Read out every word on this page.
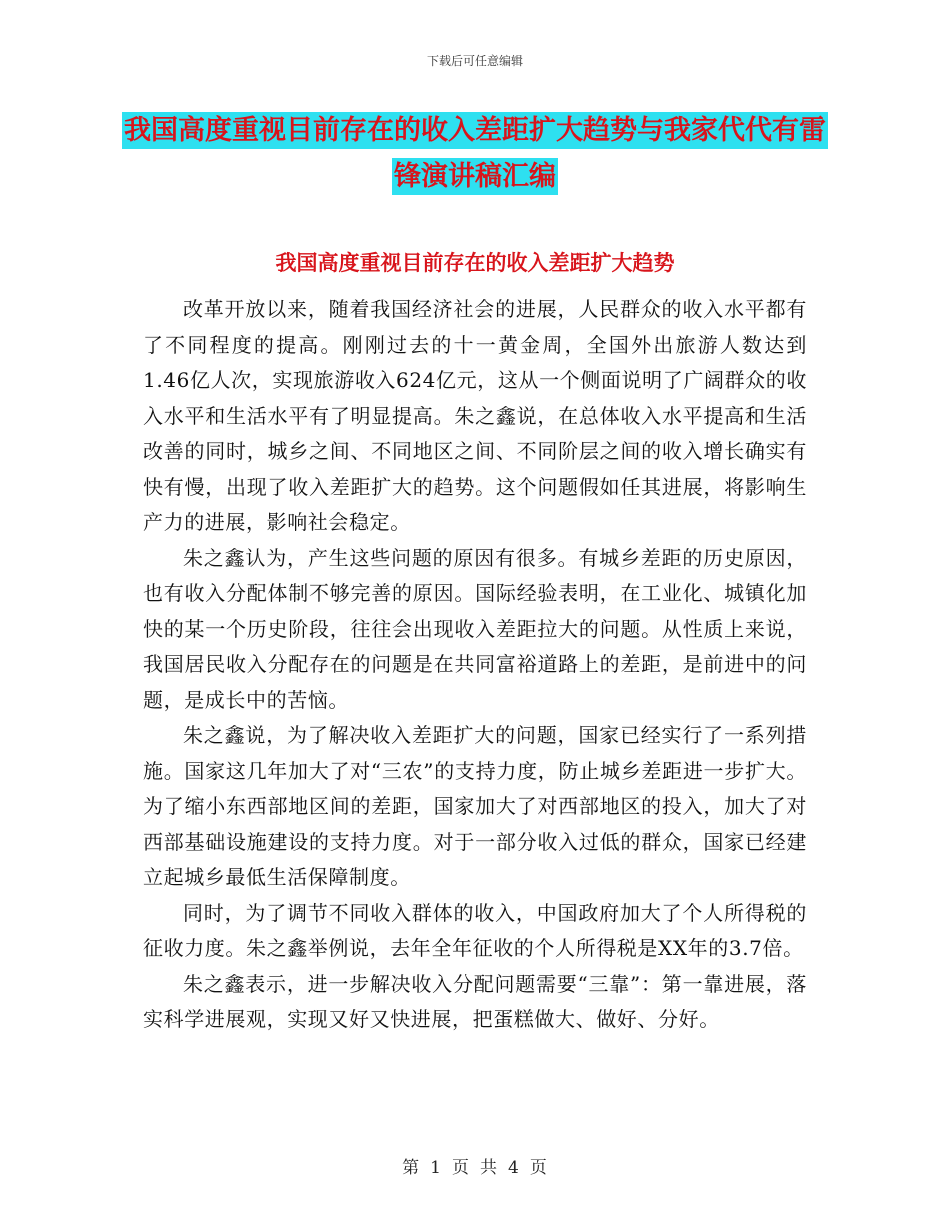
下载后可任意编辑
我国高度重视目前存在的收入差距扩大趋势与我家代代有雷锋演讲稿汇编
我国高度重视目前存在的收入差距扩大趋势

改革开放以来，随着我国经济社会的进展，人民群众的收入水平都有了不同程度的提高。刚刚过去的十一黄金周，全国外出旅游人数达到1.46亿人次，实现旅游收入624亿元，这从一个侧面说明了广阔群众的收入水平和生活水平有了明显提高。朱之鑫说，在总体收入水平提高和生活改善的同时，城乡之间、不同地区之间、不同阶层之间的收入增长确实有快有慢，出现了收入差距扩大的趋势。这个问题假如任其进展，将影响生产力的进展，影响社会稳定。

朱之鑫认为，产生这些问题的原因有很多。有城乡差距的历史原因，也有收入分配体制不够完善的原因。国际经验表明，在工业化、城镇化加快的某一个历史阶段，往往会出现收入差距拉大的问题。从性质上来说，我国居民收入分配存在的问题是在共同富裕道路上的差距，是前进中的问题，是成长中的苦恼。

朱之鑫说，为了解决收入差距扩大的问题，国家已经实行了一系列措施。国家这几年加大了对“三农”的支持力度，防止城乡差距进一步扩大。为了缩小东西部地区间的差距，国家加大了对西部地区的投入，加大了对西部基础设施建设的支持力度。对于一部分收入过低的群众，国家已经建立起城乡最低生活保障制度。

同时，为了调节不同收入群体的收入，中国政府加大了个人所得税的征收力度。朱之鑫举例说，去年全年征收的个人所得税是XX年的3.7倍。

朱之鑫表示，进一步解决收入分配问题需要“三靠”：第一靠进展，落实科学进展观，实现又好又快进展，把蛋糕做大、做好、分好。

第 1 页 共 4 页
